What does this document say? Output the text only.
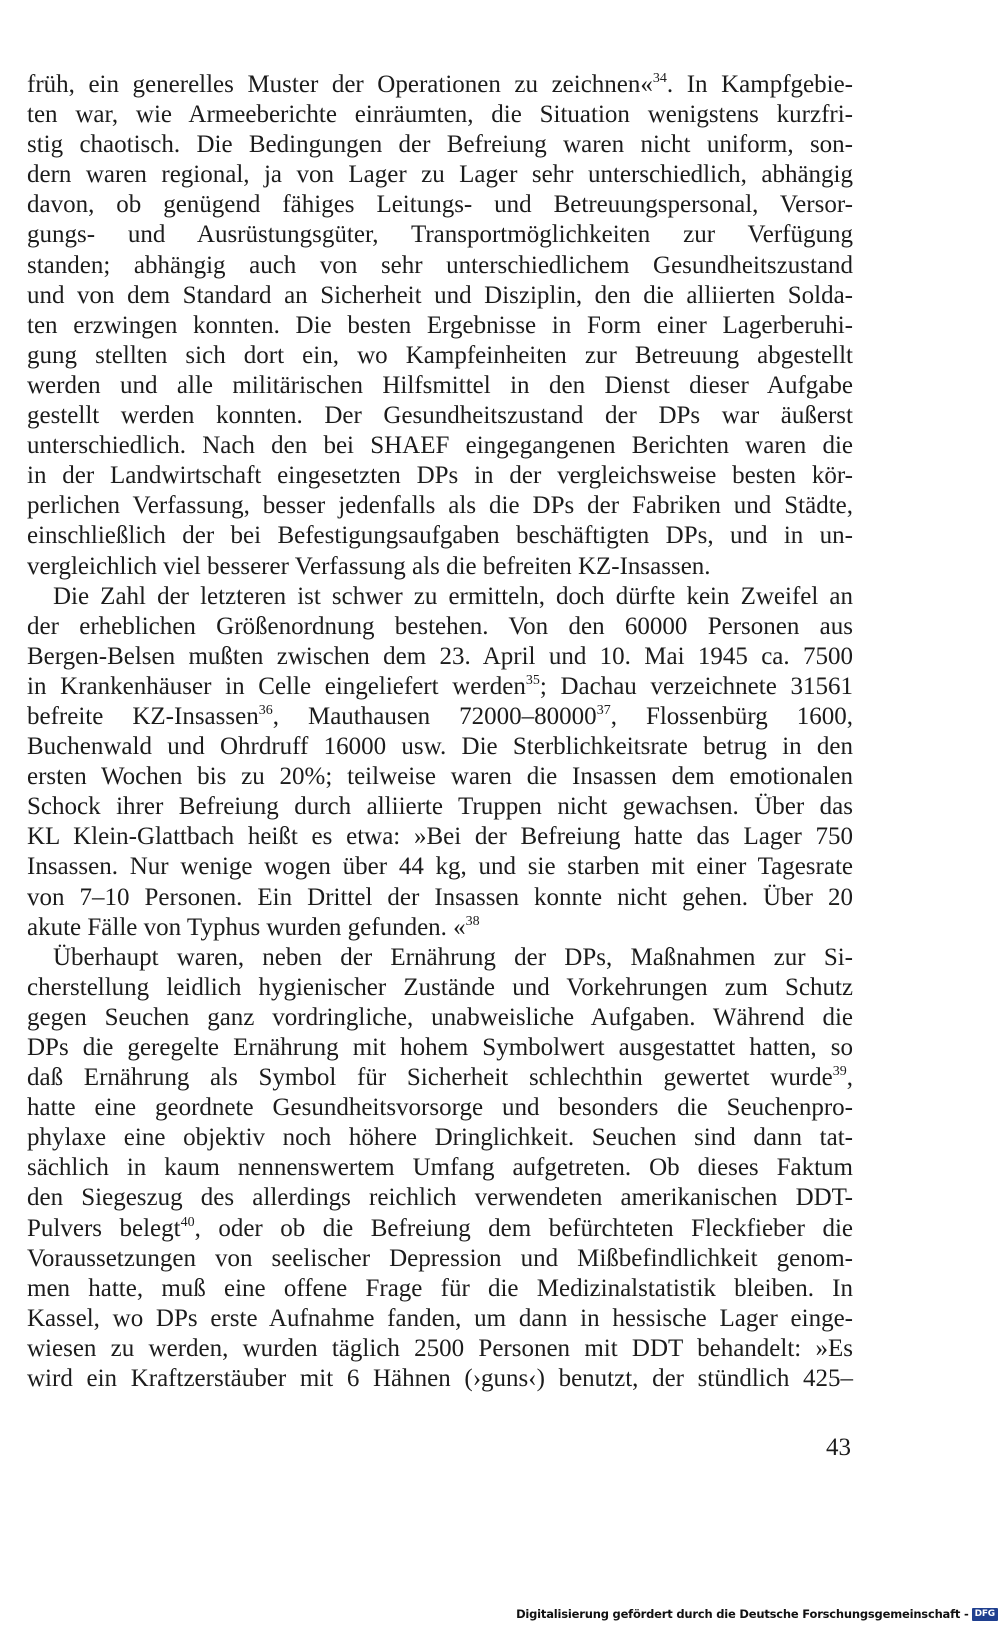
früh, ein generelles Muster der Operationen zu zeichnen«$^{34}$. In Kampfgebie-
ten war, wie Armeeberichte einräumten, die Situation wenigstens kurzfri-
stig chaotisch. Die Bedingungen der Befreiung waren nicht uniform, son-
dern waren regional, ja von Lager zu Lager sehr unterschiedlich, abhängig
davon, ob genügend fähiges Leitungs- und Betreuungspersonal, Versor-
gungs- und Ausrüstungsgüter, Transportmöglichkeiten zur Verfügung
standen; abhängig auch von sehr unterschiedlichem Gesundheitszustand
und von dem Standard an Sicherheit und Disziplin, den die alliierten Solda-
ten erzwingen konnten. Die besten Ergebnisse in Form einer Lagerberuhi-
gung stellten sich dort ein, wo Kampfeinheiten zur Betreuung abgestellt
werden und alle militärischen Hilfsmittel in den Dienst dieser Aufgabe
gestellt werden konnten. Der Gesundheitszustand der DPs war äußerst
unterschiedlich. Nach den bei SHAEF eingegangenen Berichten waren die
in der Landwirtschaft eingesetzten DPs in der vergleichsweise besten kör-
perlichen Verfassung, besser jedenfalls als die DPs der Fabriken und Städte,
einschließlich der bei Befestigungsaufgaben beschäftigten DPs, und in un-
vergleichlich viel besserer Verfassung als die befreiten KZ-Insassen.
Die Zahl der letzteren ist schwer zu ermitteln, doch dürfte kein Zweifel an
der erheblichen Größenordnung bestehen. Von den 60000 Personen aus
Bergen-Belsen mußten zwischen dem 23. April und 10. Mai 1945 ca. 7500
in Krankenhäuser in Celle eingeliefert werden$^{35}$; Dachau verzeichnete 31561
befreite KZ-Insassen$^{36}$, Mauthausen 72000–80000$^{37}$, Flossenbürg 1600,
Buchenwald und Ohrdruff 16000 usw. Die Sterblichkeitsrate betrug in den
ersten Wochen bis zu 20%; teilweise waren die Insassen dem emotionalen
Schock ihrer Befreiung durch alliierte Truppen nicht gewachsen. Über das
KL Klein-Glattbach heißt es etwa: »Bei der Befreiung hatte das Lager 750
Insassen. Nur wenige wogen über 44 kg, und sie starben mit einer Tagesrate
von 7–10 Personen. Ein Drittel der Insassen konnte nicht gehen. Über 20
akute Fälle von Typhus wurden gefunden. «$^{38}$
Überhaupt waren, neben der Ernährung der DPs, Maßnahmen zur Si-
cherstellung leidlich hygienischer Zustände und Vorkehrungen zum Schutz
gegen Seuchen ganz vordringliche, unabweisliche Aufgaben. Während die
DPs die geregelte Ernährung mit hohem Symbolwert ausgestattet hatten, so
daß Ernährung als Symbol für Sicherheit schlechthin gewertet wurde$^{39}$,
hatte eine geordnete Gesundheitsvorsorge und besonders die Seuchenpro-
phylaxe eine objektiv noch höhere Dringlichkeit. Seuchen sind dann tat-
sächlich in kaum nennenswertem Umfang aufgetreten. Ob dieses Faktum
den Siegeszug des allerdings reichlich verwendeten amerikanischen DDT-
Pulvers belegt$^{40}$, oder ob die Befreiung dem befürchteten Fleckfieber die
Voraussetzungen von seelischer Depression und Mißbefindlichkeit genom-
men hatte, muß eine offene Frage für die Medizinalstatistik bleiben. In
Kassel, wo DPs erste Aufnahme fanden, um dann in hessische Lager einge-
wiesen zu werden, wurden täglich 2500 Personen mit DDT behandelt: »Es
wird ein Kraftzerstäuber mit 6 Hähnen (›guns‹) benutzt, der stündlich 425–
43
Digitalisierung gefördert durch die Deutsche Forschungsgemeinschaft - DFG
